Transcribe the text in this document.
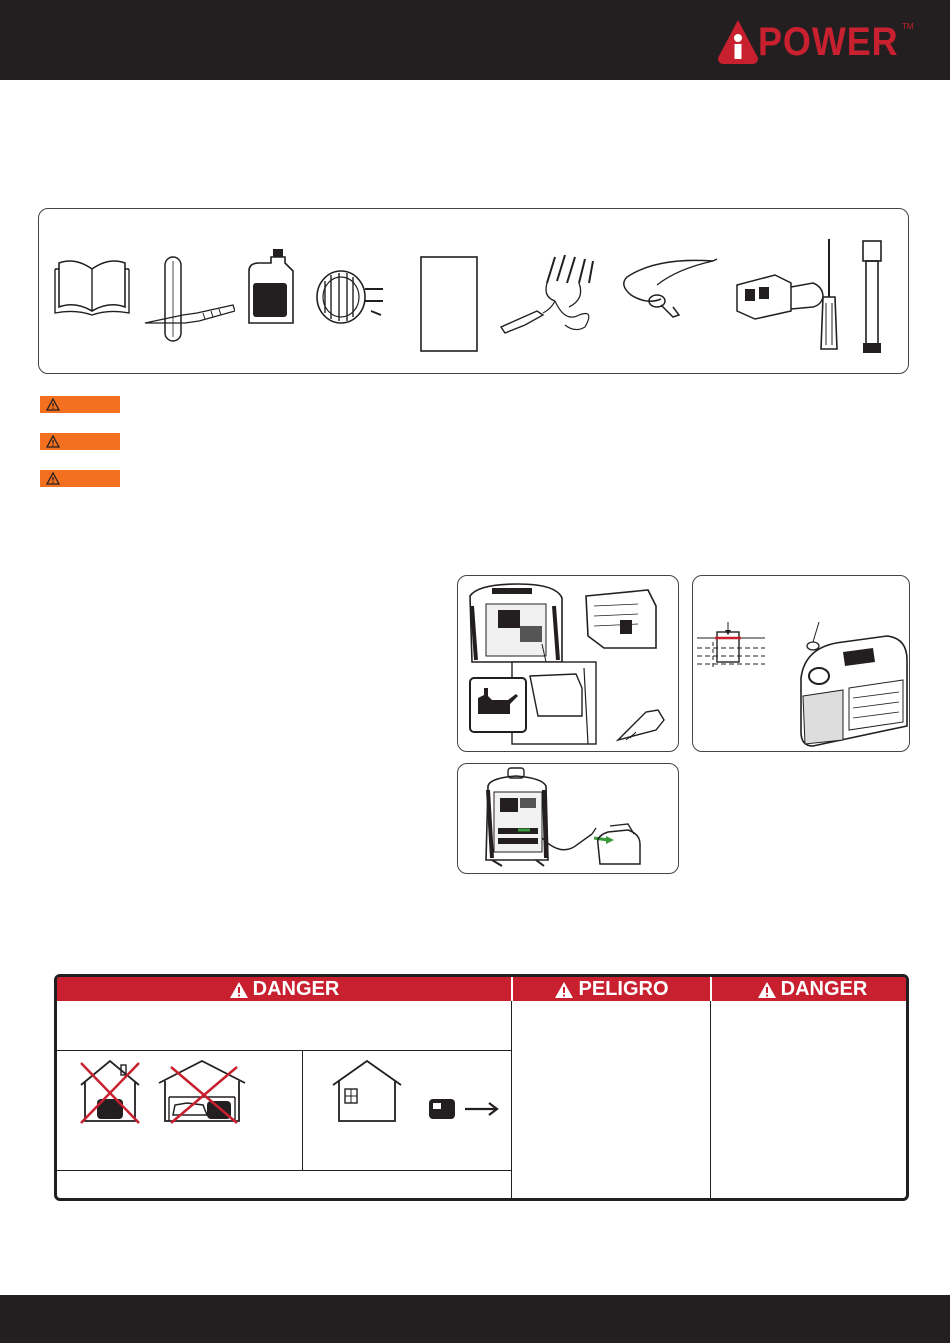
POWER TM
DANGER	PELIGRO	DANGER
